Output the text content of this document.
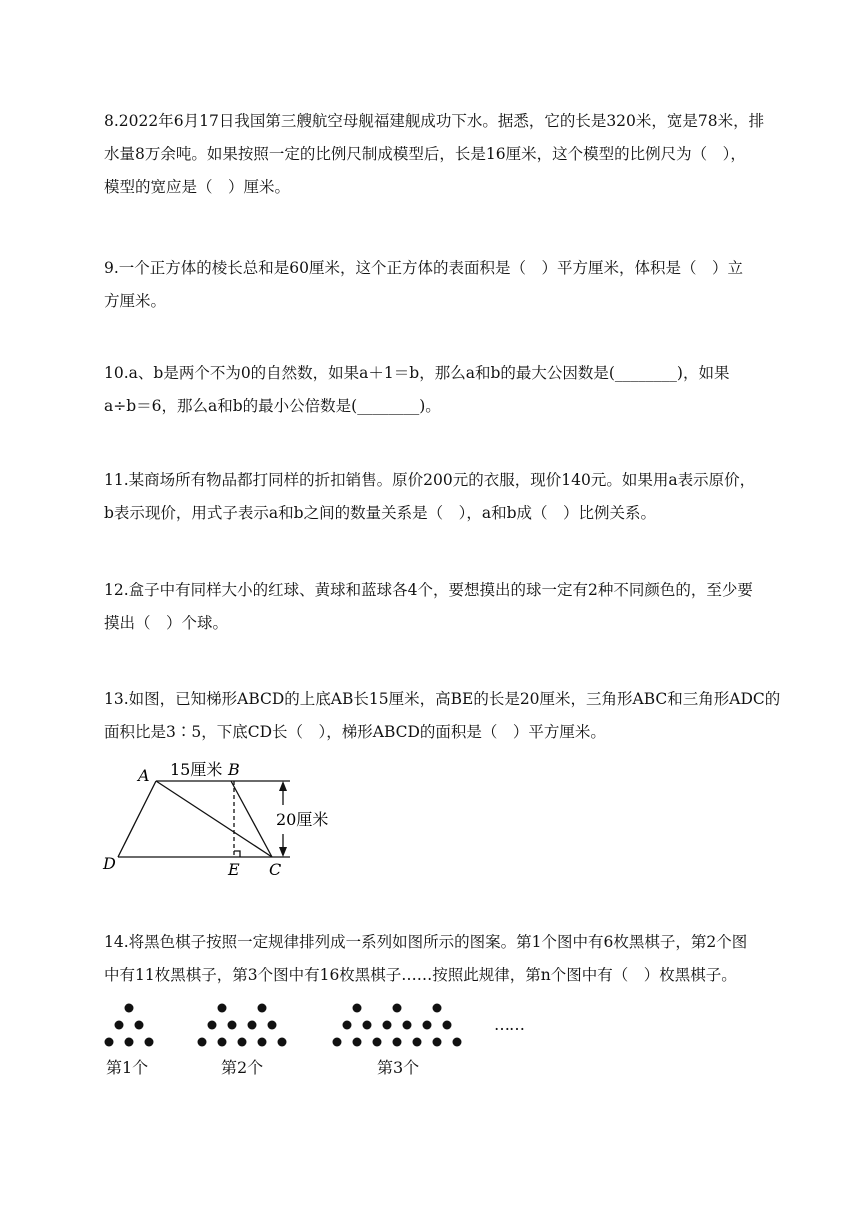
8.2022年6月17日我国第三艘航空母舰福建舰成功下水。据悉，它的长是320米，宽是78米，排

水量8万余吨。如果按照一定的比例尺制成模型后，长是16厘米，这个模型的比例尺为（　），

模型的宽应是（　）厘米。

9.一个正方体的棱长总和是60厘米，这个正方体的表面积是（　）平方厘米，体积是（　）立

方厘米。

10.a、b是两个不为0的自然数，如果a＋1＝b，那么a和b的最大公因数是(________)，如果

a÷b＝6，那么a和b的最小公倍数是(________)。

11.某商场所有物品都打同样的折扣销售。原价200元的衣服，现价140元。如果用a表示原价，

b表示现价，用式子表示a和b之间的数量关系是（　），a和b成（　）比例关系。

12.盒子中有同样大小的红球、黄球和蓝球各4个，要想摸出的球一定有2种不同颜色的，至少要

摸出（　）个球。

13.如图，已知梯形ABCD的上底AB长15厘米，高BE的长是20厘米，三角形ABC和三角形ADC的

面积比是3∶5，下底CD长（　），梯形ABCD的面积是（　）平方厘米。

A 15厘米 B
20厘米
D	E C

14.将黑色棋子按照一定规律排列成一系列如图所示的图案。第1个图中有6枚黑棋子，第2个图

中有11枚黑棋子，第3个图中有16枚黑棋子……按照此规律，第n个图中有（　）枚黑棋子。

……
第1个	第2个	第3个
